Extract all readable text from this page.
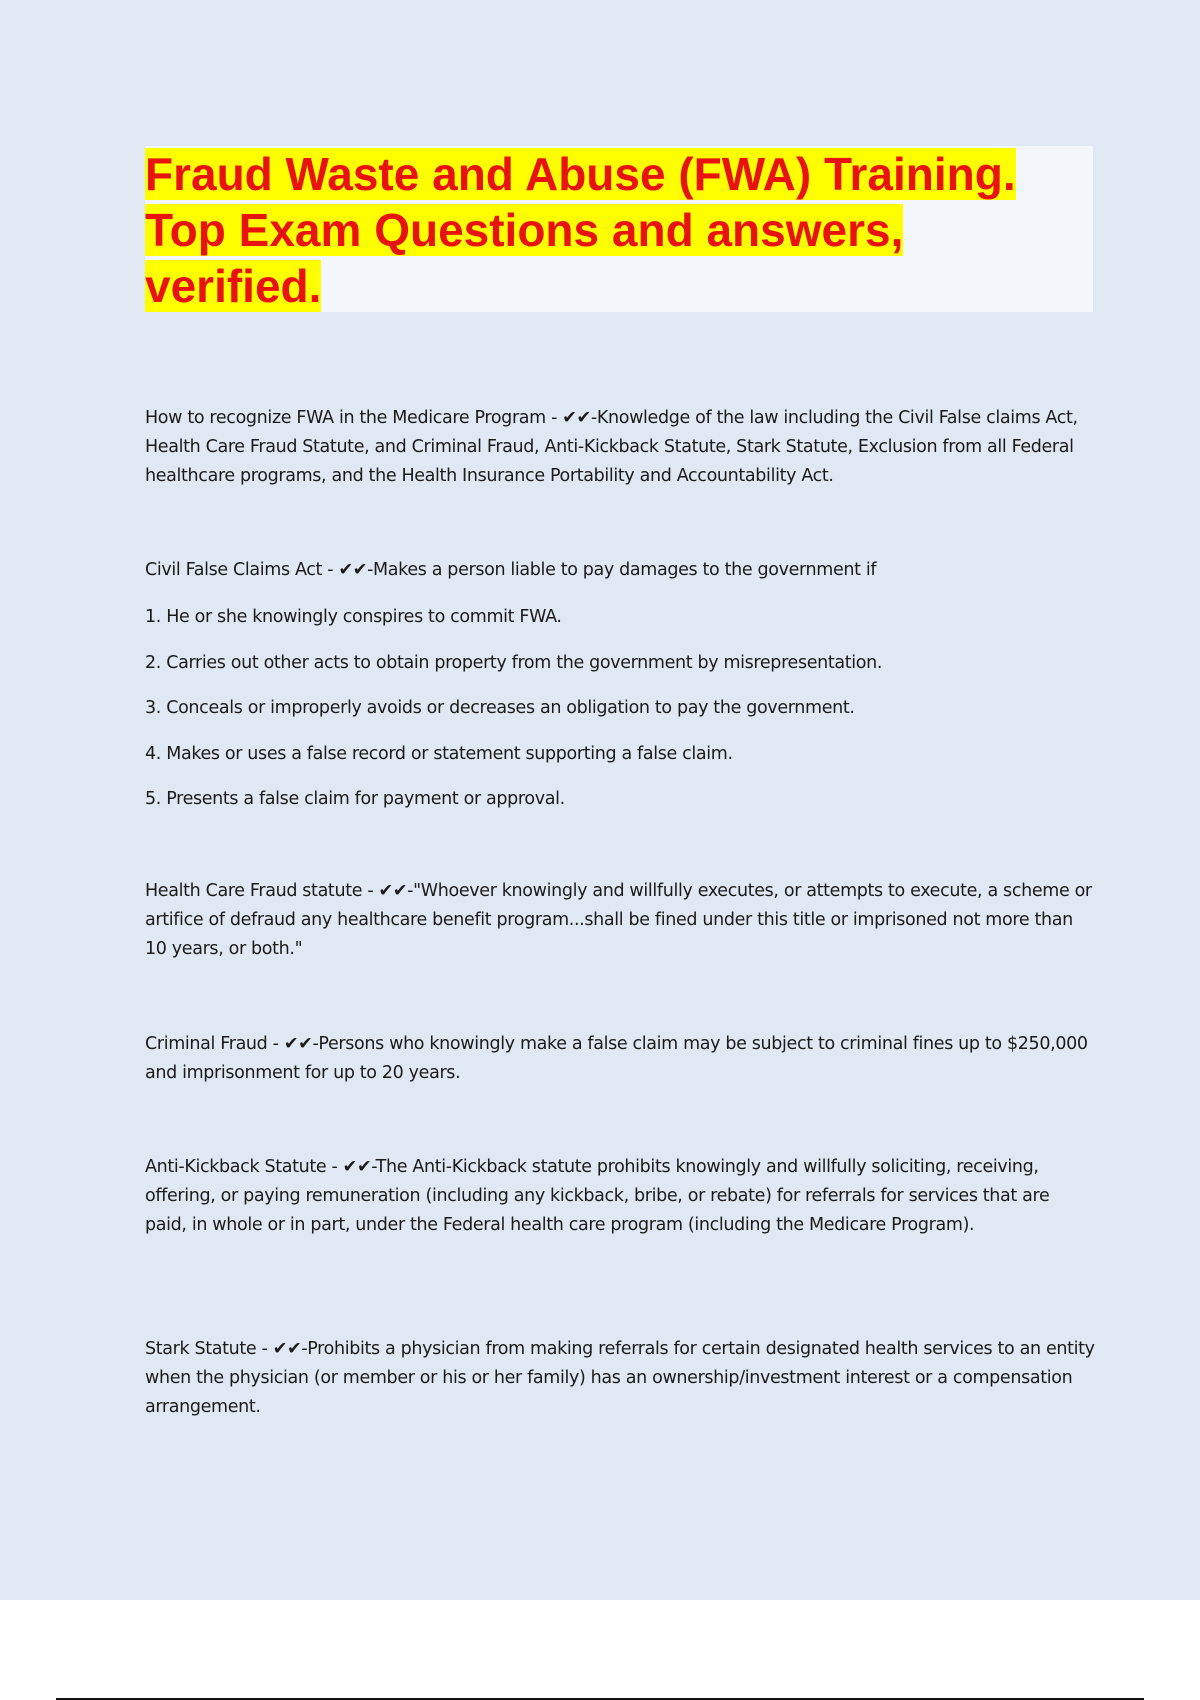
Fraud Waste and Abuse (FWA) Training.
Top Exam Questions and answers,
verified.

How to recognize FWA in the Medicare Program - ✔✔-Knowledge of the law including the Civil False claims Act, Health Care Fraud Statute, and Criminal Fraud, Anti-Kickback Statute, Stark Statute, Exclusion from all Federal healthcare programs, and the Health Insurance Portability and Accountability Act.

Civil False Claims Act - ✔✔-Makes a person liable to pay damages to the government if

1. He or she knowingly conspires to commit FWA.

2. Carries out other acts to obtain property from the government by misrepresentation.

3. Conceals or improperly avoids or decreases an obligation to pay the government.

4. Makes or uses a false record or statement supporting a false claim.

5. Presents a false claim for payment or approval.

Health Care Fraud statute - ✔✔-"Whoever knowingly and willfully executes, or attempts to execute, a scheme or artifice of defraud any healthcare benefit program...shall be fined under this title or imprisoned not more than 10 years, or both."

Criminal Fraud - ✔✔-Persons who knowingly make a false claim may be subject to criminal fines up to $250,000 and imprisonment for up to 20 years.

Anti-Kickback Statute - ✔✔-The Anti-Kickback statute prohibits knowingly and willfully soliciting, receiving, offering, or paying remuneration (including any kickback, bribe, or rebate) for referrals for services that are paid, in whole or in part, under the Federal health care program (including the Medicare Program).

Stark Statute - ✔✔-Prohibits a physician from making referrals for certain designated health services to an entity when the physician (or member or his or her family) has an ownership/investment interest or a compensation arrangement.
